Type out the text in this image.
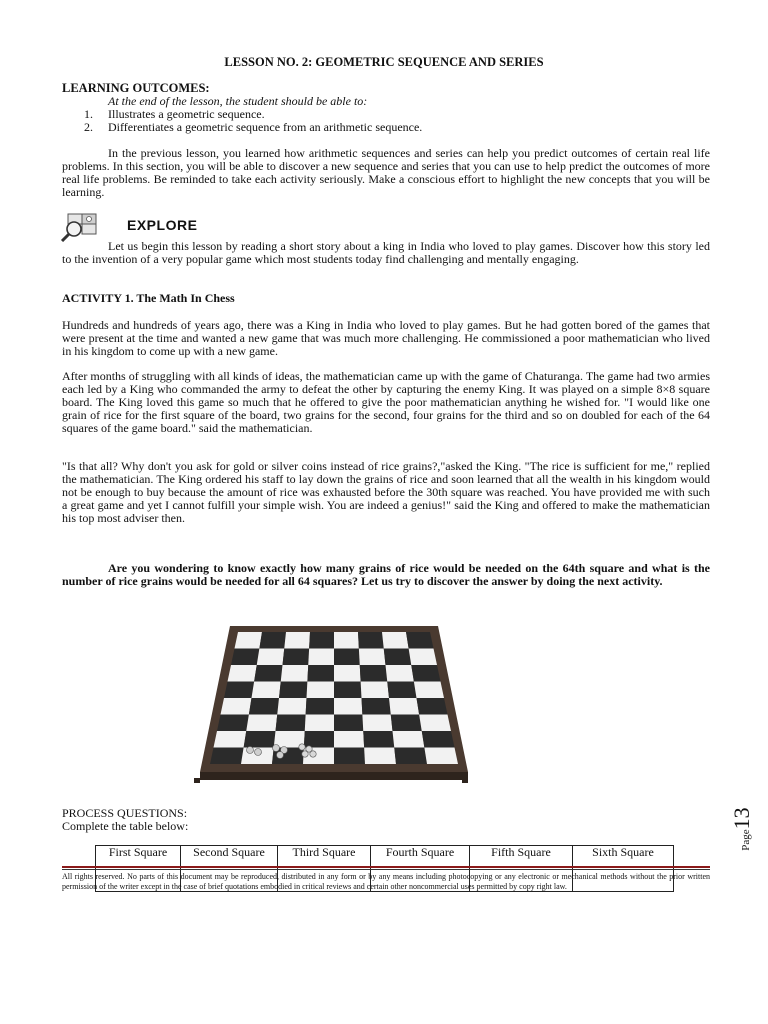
LESSON NO. 2: GEOMETRIC SEQUENCE AND SERIES
LEARNING OUTCOMES:
At the end of the lesson, the student should be able to:
1. Illustrates a geometric sequence.
2. Differentiates a geometric sequence from an arithmetic sequence.

In the previous lesson, you learned how arithmetic sequences and series can help you predict outcomes of certain real life problems. In this section, you will be able to discover a new sequence and series that you can use to help predict the outcomes of more real life problems. Be reminded to take each activity seriously. Make a conscious effort to highlight the new concepts that you will be learning.

EXPLORE

Let us begin this lesson by reading a short story about a king in India who loved to play games. Discover how this story led to the invention of a very popular game which most students today find challenging and mentally engaging.

ACTIVITY 1. The Math In Chess

Hundreds and hundreds of years ago, there was a King in India who loved to play games. But he had gotten bored of the games that were present at the time and wanted a new game that was much more challenging. He commissioned a poor mathematician who lived in his kingdom to come up with a new game.

After months of struggling with all kinds of ideas, the mathematician came up with the game of Chaturanga. The game had two armies each led by a King who commanded the army to defeat the other by capturing the enemy King. It was played on a simple 8×8 square board. The King loved this game so much that he offered to give the poor mathematician anything he wished for. "I would like one grain of rice for the first square of the board, two grains for the second, four grains for the third and so on doubled for each of the 64 squares of the game board." said the mathematician.

"Is that all? Why don't you ask for gold or silver coins instead of rice grains?,"asked the King. "The rice is sufficient for me," replied the mathematician. The King ordered his staff to lay down the grains of rice and soon learned that all the wealth in his kingdom would not be enough to buy because the amount of rice was exhausted before the 30th square was reached. You have provided me with such a great game and yet I cannot fulfill your simple wish. You are indeed a genius!" said the King and offered to make the mathematician his top most adviser then.

Are you wondering to know exactly how many grains of rice would be needed on the 64th square and what is the number of rice grains would be needed for all 64 squares? Let us try to discover the answer by doing the next activity.

PROCESS QUESTIONS:
Complete the table below:
First Square	Second Square	Third Square	Fourth Square	Fifth Square	Sixth Square

All rights reserved. No parts of this document may be reproduced, distributed in any form or by any means including photocopying or any electronic or mechanical methods without the prior written permission of the writer except in the case of brief quotations embodied in critical reviews and certain other noncommercial uses permitted by copy right law.

Page13
